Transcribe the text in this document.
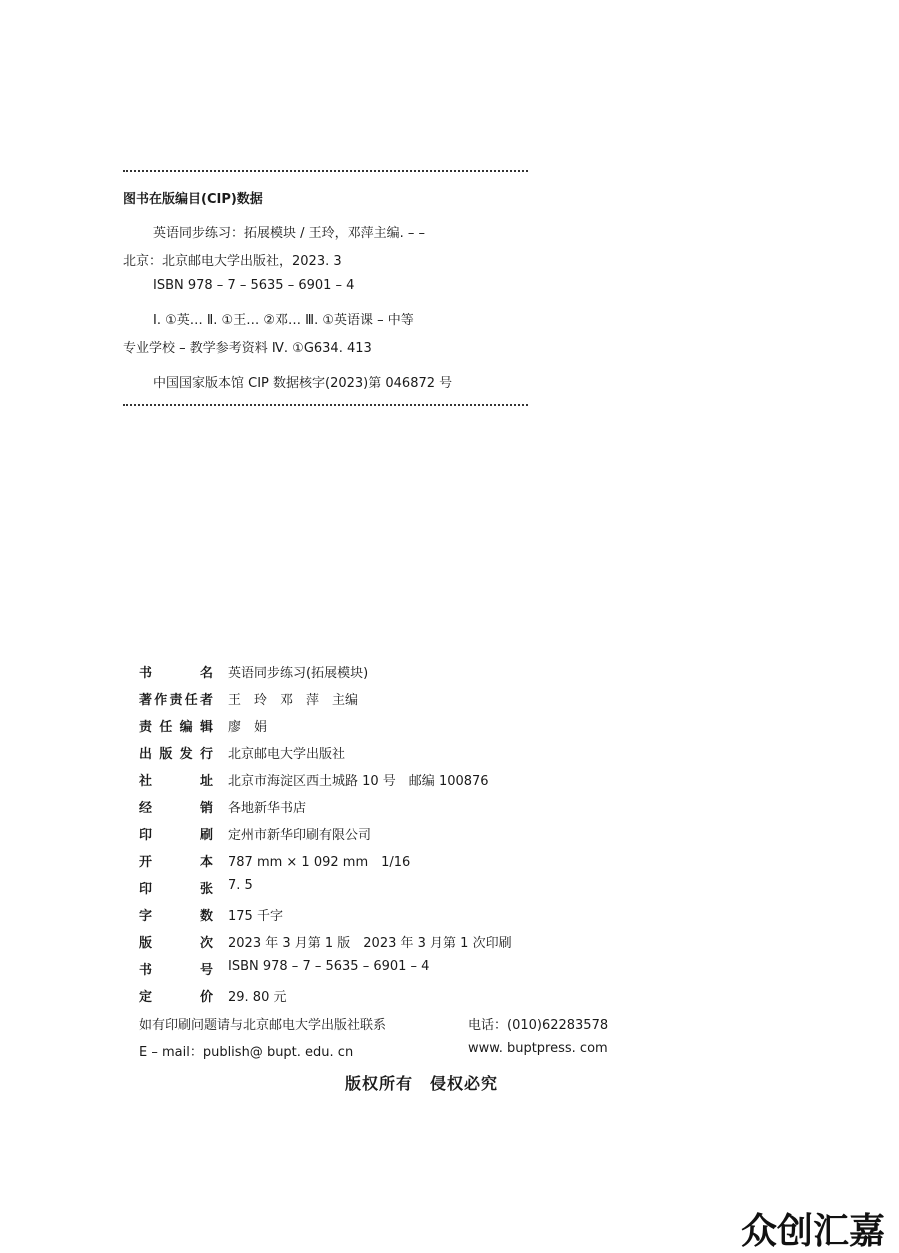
图书在版编目(CIP)数据
英语同步练习：拓展模块 / 王玲，邓萍主编. – –
北京：北京邮电大学出版社，2023. 3
ISBN 978 – 7 – 5635 – 6901 – 4
Ⅰ. ①英… Ⅱ. ①王… ②邓… Ⅲ. ①英语课 – 中等
专业学校 – 教学参考资料 Ⅳ. ①G634. 413
中国国家版本馆 CIP 数据核字(2023)第 046872 号
书	名 英语同步练习(拓展模块)
著 作 责 任 者 王　玲　邓　萍　主编
责 任 编 辑 廖　娟
出 版 发 行 北京邮电大学出版社
社	址 北京市海淀区西土城路 10 号　邮编 100876
经	销 各地新华书店
印	刷 定州市新华印刷有限公司
开	本 787 mm × 1 092 mm　1/16
印	张 7. 5
字	数 175 千字
版	次 2023 年 3 月第 1 版　2023 年 3 月第 1 次印刷
书	号 ISBN 978 – 7 – 5635 – 6901 – 4
定	价 29. 80 元
如有印刷问题请与北京邮电大学出版社联系	电话：(010)62283578
E – mail：publish@ bupt. edu. cn	www. buptpress. com
版权所有　侵权必究
众创汇嘉
